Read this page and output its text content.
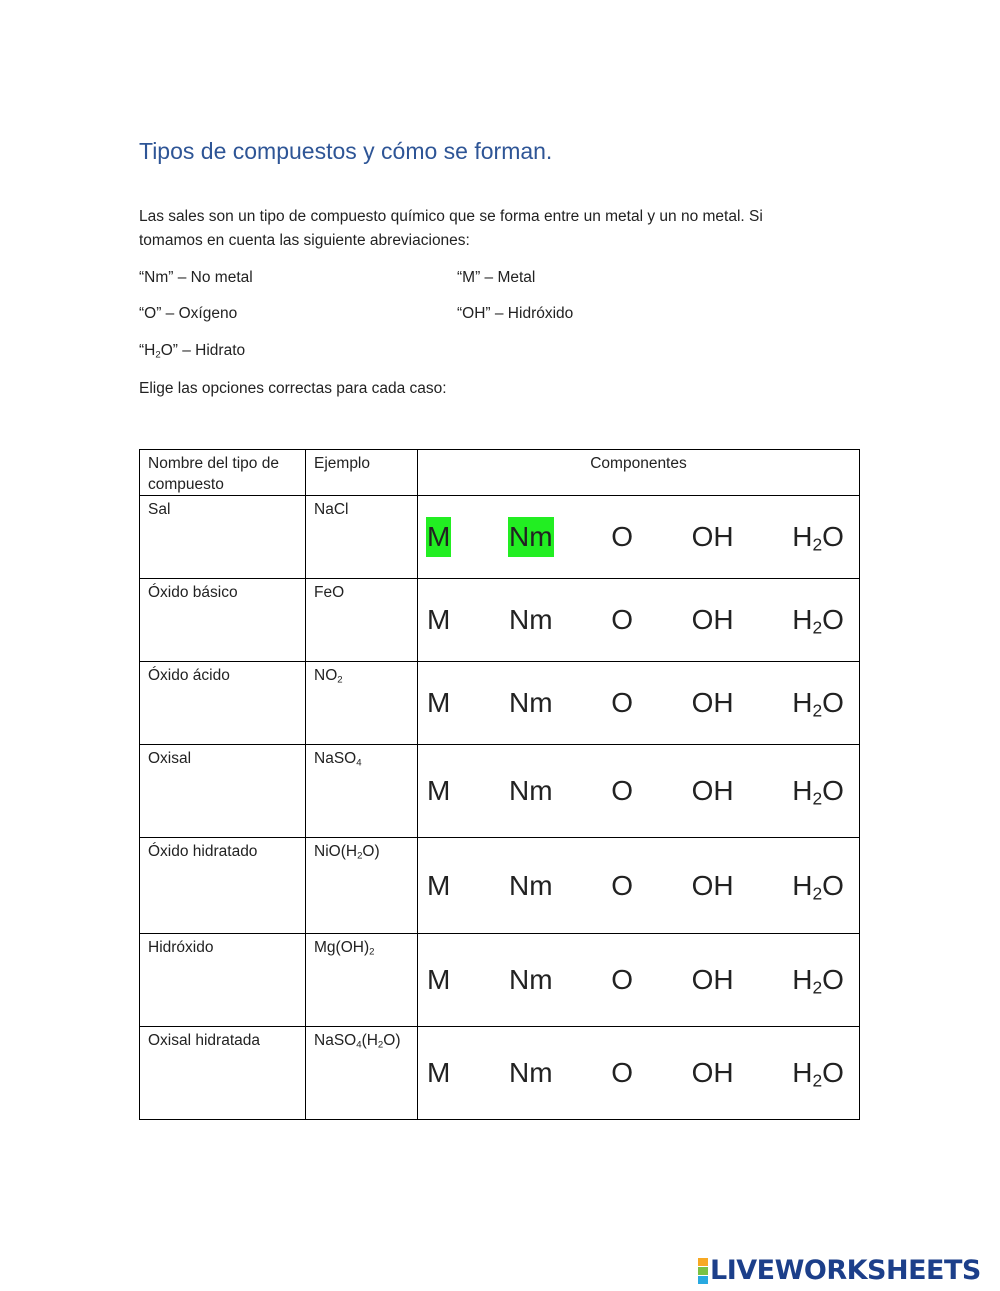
Tipos de compuestos y cómo se forman.

Las sales son un tipo de compuesto químico que se forma entre un metal y un no metal. Si tomamos en cuenta las siguiente abreviaciones:

“Nm” – No metal	“M” – Metal
“O” – Oxígeno	“OH” – Hidróxido
“$H_2O$” – Hidrato

Elige las opciones correctas para cada caso:

Nombre del tipo de compuesto	Ejemplo	Componentes

Sal	NaCl	M Nm O OH $H_2O$

Óxido básico	FeO	M Nm O OH $H_2O$

Óxido ácido	$NO_2$	M Nm O OH $H_2O$

Oxisal	NaSO$_4$	M Nm O OH $H_2O$

Óxido hidratado	$NiO(H_2O)$	M Nm O OH $H_2O$

Hidróxido	$Mg(OH)_2$	M Nm O OH $H_2O$

Oxisal hidratada	$NaSO_4(H_2O)$	M Nm O OH $H_2O$
LIVEWORKSHEETS
